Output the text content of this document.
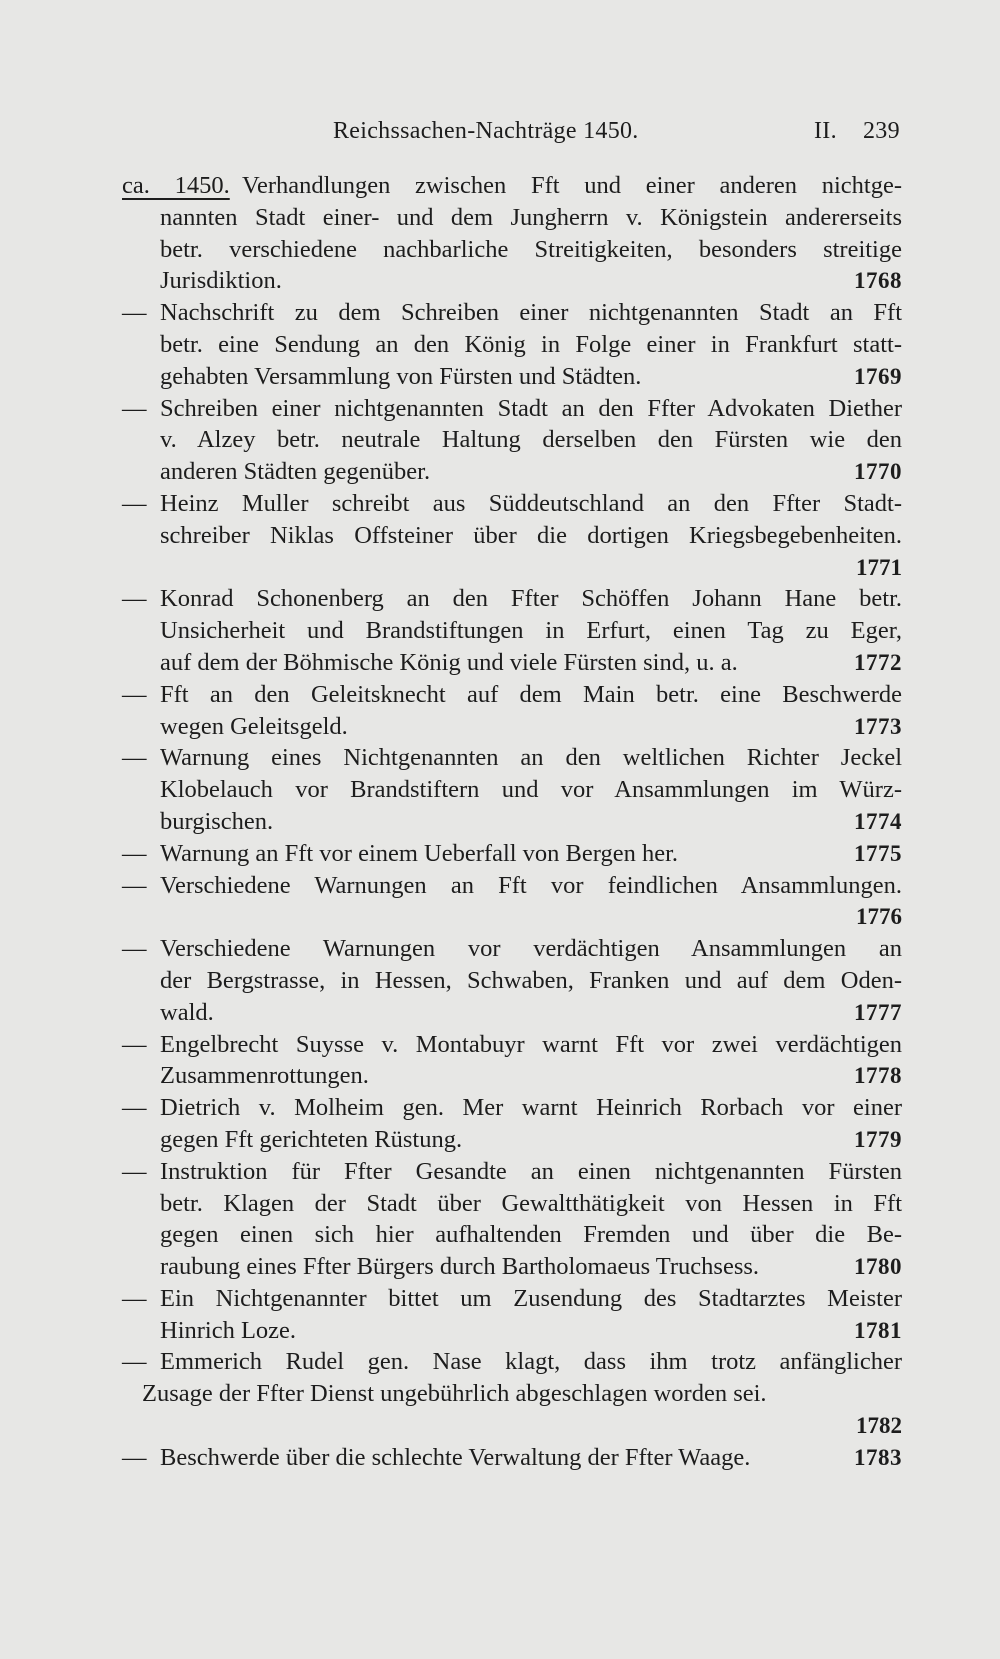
Reichssachen-Nachträge 1450.	II. 239
ca. 1450. Verhandlungen zwischen Fft und einer anderen nichtge-
nannten Stadt einer- und dem Jungherrn v. Königstein andererseits
betr. verschiedene nachbarliche Streitigkeiten, besonders streitige
Jurisdiktion.	1768
— Nachschrift zu dem Schreiben einer nichtgenannten Stadt an Fft
betr. eine Sendung an den König in Folge einer in Frankfurt statt-
gehabten Versammlung von Fürsten und Städten.	1769
— Schreiben einer nichtgenannten Stadt an den Ffter Advokaten Diether
v. Alzey betr. neutrale Haltung derselben den Fürsten wie den
anderen Städten gegenüber.	1770
— Heinz Muller schreibt aus Süddeutschland an den Ffter Stadt-
schreiber Niklas Offsteiner über die dortigen Kriegsbegebenheiten.
1771
— Konrad Schonenberg an den Ffter Schöffen Johann Hane betr.
Unsicherheit und Brandstiftungen in Erfurt, einen Tag zu Eger,
auf dem der Böhmische König und viele Fürsten sind, u. a.	1772
— Fft an den Geleitsknecht auf dem Main betr. eine Beschwerde
wegen Geleitsgeld.	1773
— Warnung eines Nichtgenannten an den weltlichen Richter Jeckel
Klobelauch vor Brandstiftern und vor Ansammlungen im Würz-
burgischen.	1774
— Warnung an Fft vor einem Ueberfall von Bergen her.	1775
— Verschiedene Warnungen an Fft vor feindlichen Ansammlungen.
1776
— Verschiedene Warnungen vor verdächtigen Ansammlungen an
der Bergstrasse, in Hessen, Schwaben, Franken und auf dem Oden-
wald.	1777
— Engelbrecht Suysse v. Montabuyr warnt Fft vor zwei verdächtigen
Zusammenrottungen.	1778
— Dietrich v. Molheim gen. Mer warnt Heinrich Rorbach vor einer
gegen Fft gerichteten Rüstung.	1779
— Instruktion für Ffter Gesandte an einen nichtgenannten Fürsten
betr. Klagen der Stadt über Gewaltthätigkeit von Hessen in Fft
gegen einen sich hier aufhaltenden Fremden und über die Be-
raubung eines Ffter Bürgers durch Bartholomaeus Truchsess.	1780
— Ein Nichtgenannter bittet um Zusendung des Stadtarztes Meister
Hinrich Loze.	1781
— Emmerich Rudel gen. Nase klagt, dass ihm trotz anfänglicher
Zusage der Ffter Dienst ungebührlich abgeschlagen worden sei.
1782
— Beschwerde über die schlechte Verwaltung der Ffter Waage.	1783
